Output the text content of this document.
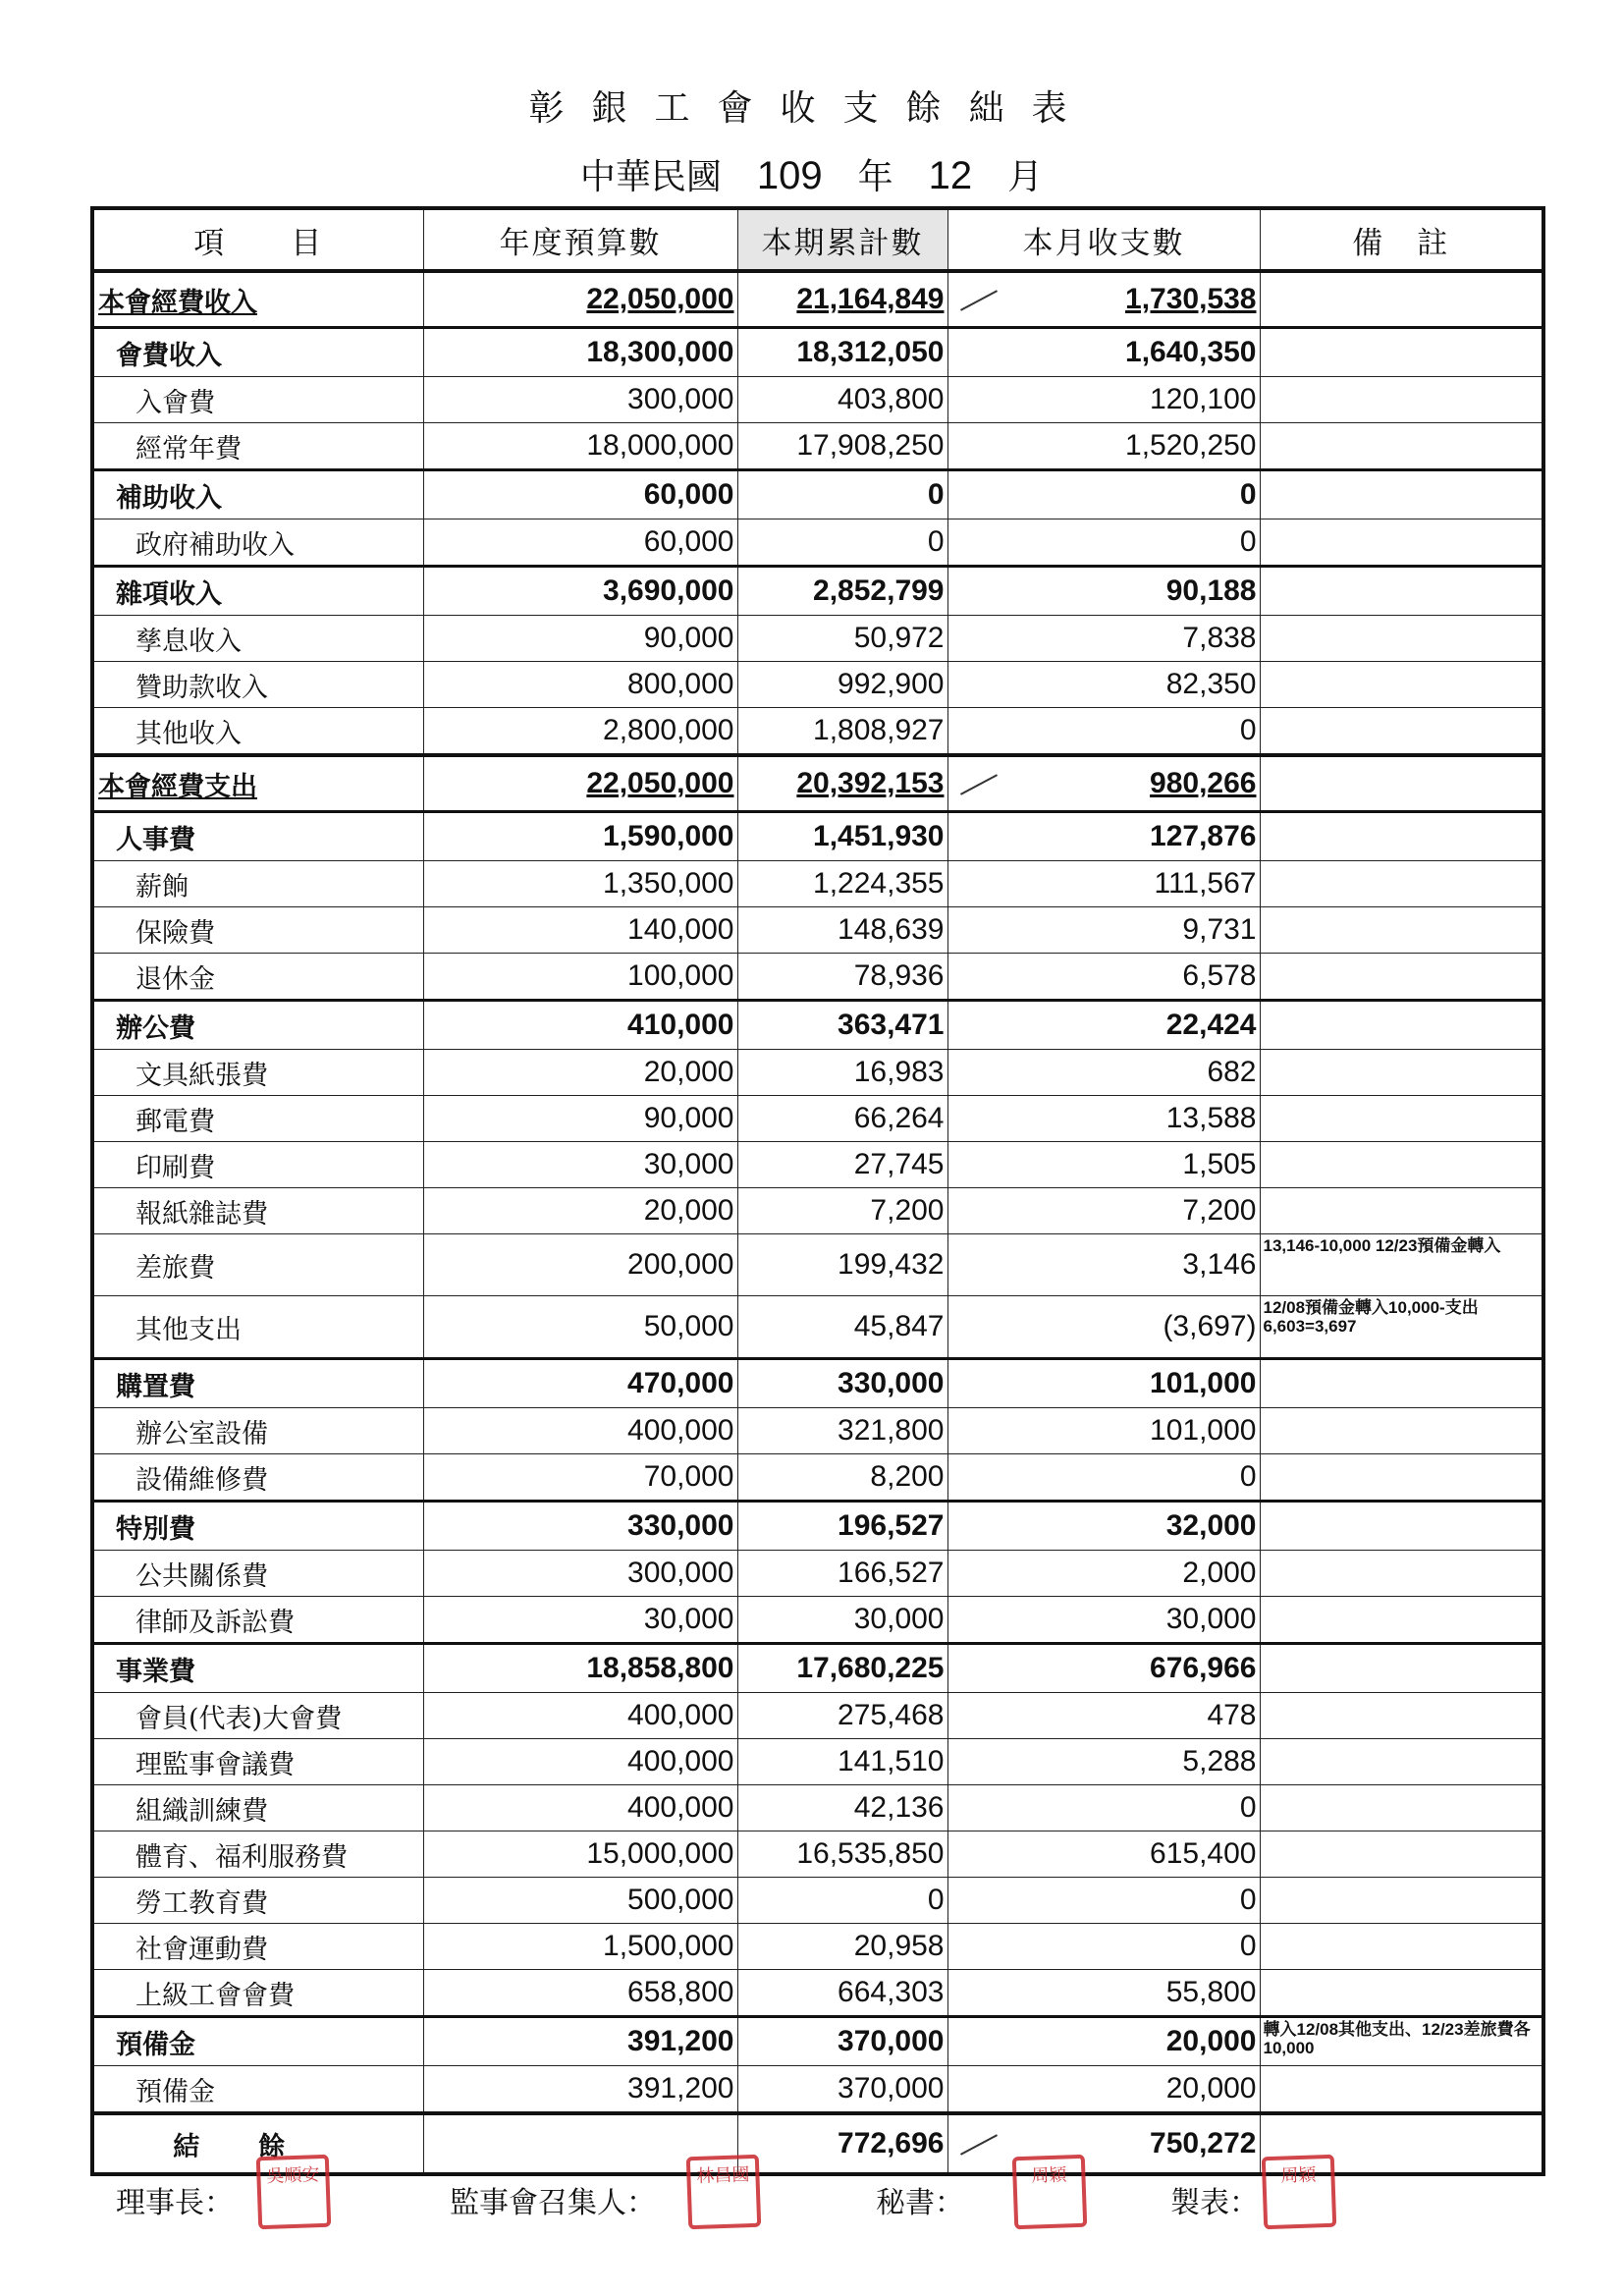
彰銀工會收支餘絀表
中華民國 109 年 12 月
項　　目	年度預算數	本期累計數	本月收支數	備　註
本會經費收入	22,050,000	21,164,849	1,730,538	
會費收入	18,300,000	18,312,050	1,640,350	
入會費	300,000	403,800	120,100	
經常年費	18,000,000	17,908,250	1,520,250	
補助收入	60,000	0	0	
政府補助收入	60,000	0	0	
雜項收入	3,690,000	2,852,799	90,188	
孳息收入	90,000	50,972	7,838	
贊助款收入	800,000	992,900	82,350	
其他收入	2,800,000	1,808,927	0	
本會經費支出	22,050,000	20,392,153	980,266	
人事費	1,590,000	1,451,930	127,876	
薪餉	1,350,000	1,224,355	111,567	
保險費	140,000	148,639	9,731	
退休金	100,000	78,936	6,578	
辦公費	410,000	363,471	22,424	
文具紙張費	20,000	16,983	682	
郵電費	90,000	66,264	13,588	
印刷費	30,000	27,745	1,505	
報紙雜誌費	20,000	7,200	7,200	
差旅費	200,000	199,432	3,146	13,146-10,000 12/23預備金轉入
其他支出	50,000	45,847	(3,697)	12/08預備金轉入10,000-支出6,603=3,697
購置費	470,000	330,000	101,000	
辦公室設備	400,000	321,800	101,000	
設備維修費	70,000	8,200	0	
特別費	330,000	196,527	32,000	
公共關係費	300,000	166,527	2,000	
律師及訴訟費	30,000	30,000	30,000	
事業費	18,858,800	17,680,225	676,966	
會員(代表)大會費	400,000	275,468	478	
理監事會議費	400,000	141,510	5,288	
組織訓練費	400,000	42,136	0	
體育、福利服務費	15,000,000	16,535,850	615,400	
勞工教育費	500,000	0	0	
社會運動費	1,500,000	20,958	0	
上級工會會費	658,800	664,303	55,800	
預備金	391,200	370,000	20,000	轉入12/08其他支出、12/23差旅費各10,000
預備金	391,200	370,000	20,000	
結餘		772,696	750,272	
理事長：
吳順安
監事會召集人：
林昌國
秘書：
周穎
製表：
周穎
